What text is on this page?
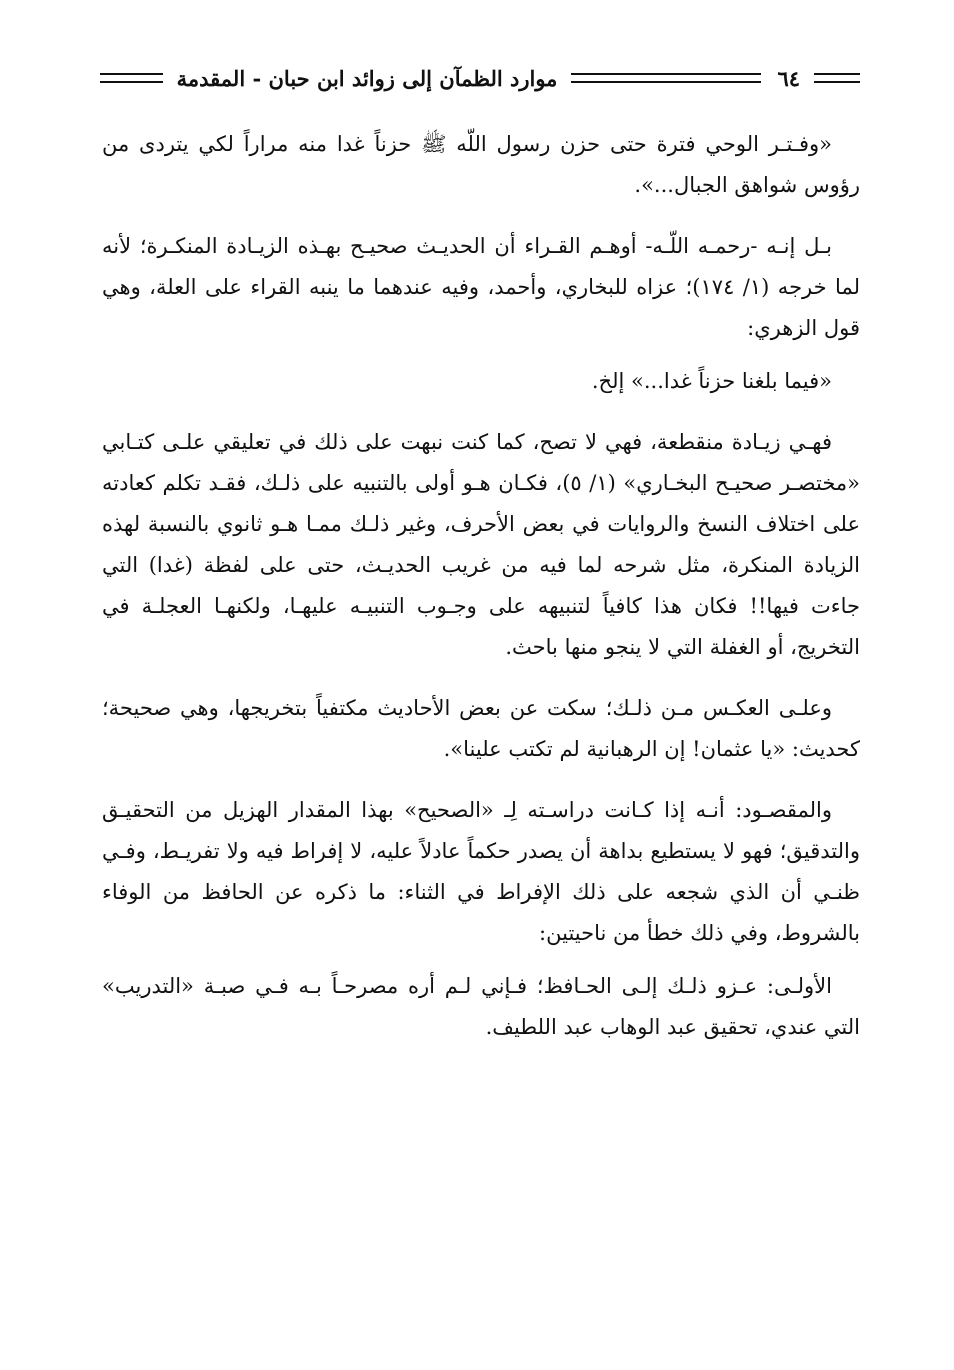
٦٤
موارد الظمآن إلى زوائد ابن حبان - المقدمة

«وفـتـر الوحي فترة حتى حزن رسول اللّه ﷺ حزناً غدا منه مراراً لكي يتردى من رؤوس شواهق الجبال...».

بـل إنـه -رحمـه اللّـه- أوهـم القـراء أن الحديـث صحيـح بهـذه الزيـادة المنكـرة؛ لأنه لما خرجه (١/ ١٧٤)؛ عزاه للبخاري، وأحمد، وفيه عندهما ما ينبه القراء على العلة، وهي قول الزهري:

«فيما بلغنا حزناً غدا...» إلخ.

فهـي زيـادة منقطعة، فهي لا تصح، كما كنت نبهت على ذلك في تعليقي علـى كتـابي «مختصـر صحيـح البخـاري» (١/ ٥)، فكـان هـو أولى بالتنبيه على ذلـك، فقـد تكلم كعادته على اختلاف النسخ والروايات في بعض الأحرف، وغير ذلـك ممـا هـو ثانوي بالنسبة لهذه الزيادة المنكرة، مثل شرحه لما فيه من غريب الحديـث، حتى على لفظة (غدا) التي جاءت فيها!! فكان هذا كافياً لتنبيهه على وجـوب التنبيـه عليهـا، ولكنهـا العجلـة في التخريج، أو الغفلة التي لا ينجو منها باحث.

وعلـى العكـس مـن ذلـك؛ سكت عن بعض الأحاديث مكتفياً بتخريجها، وهي صحيحة؛ كحديث: «يا عثمان! إن الرهبانية لم تكتب علينا».

والمقصـود: أنـه إذا كـانت دراسـته لِـ «الصحيح» بهذا المقدار الهزيل من التحقيـق والتدقيق؛ فهو لا يستطيع بداهة أن يصدر حكماً عادلاً عليه، لا إفراط فيه ولا تفريـط، وفـي ظنـي أن الذي شجعه على ذلك الإفراط في الثناء: ما ذكره عن الحافظ من الوفاء بالشروط، وفي ذلك خطأ من ناحيتين:

الأولـى: عـزو ذلـك إلـى الحـافظ؛ فـإني لـم أره مصرحـاً بـه فـي صبـة «التدريب» التي عندي، تحقيق عبد الوهاب عبد اللطيف.
